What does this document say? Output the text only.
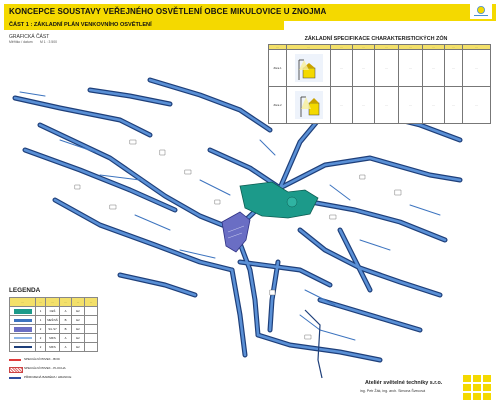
KONCEPCE SOUSTAVY VEŘEJNÉHO OSVĚTLENÍ OBCE MIKULOVICE U ZNOJMA
ČÁST 1 : ZÁKLADNÍ PLÁN VENKOVNÍHO OSVĚTLENÍ
GRAFICKÁ ČÁST
Měřítko / datum M 1 : 3 500	ZÁKLADNÍ SPECIFIKACE CHARAKTERISTICKÝCH ZÓN
…	…	…	…	…	…	…	…	…
Zóna 1		…	…	…	…	…	…	…
Zóna 2		…	…	…	…	…	…	…
LEGENDA
…	…	…	…	…	…

	1	CEŠ	A	E2	

	1	MEŠ/SŠ	B	E2	

	2	S/L S7	B	E2	

	2	M6/S	A	E2	

	2	M6/S	A	E2	
SPECIÁLNÍ PRVEK - BOD
SPECIÁLNÍ PRVEK - PLOCHA
PŘIROZENÁ BARIÉRA / HRANICE
Ateliér světelné techniky s.r.o.
ing. Petr Žák, ing. arch. Simona Švecová
